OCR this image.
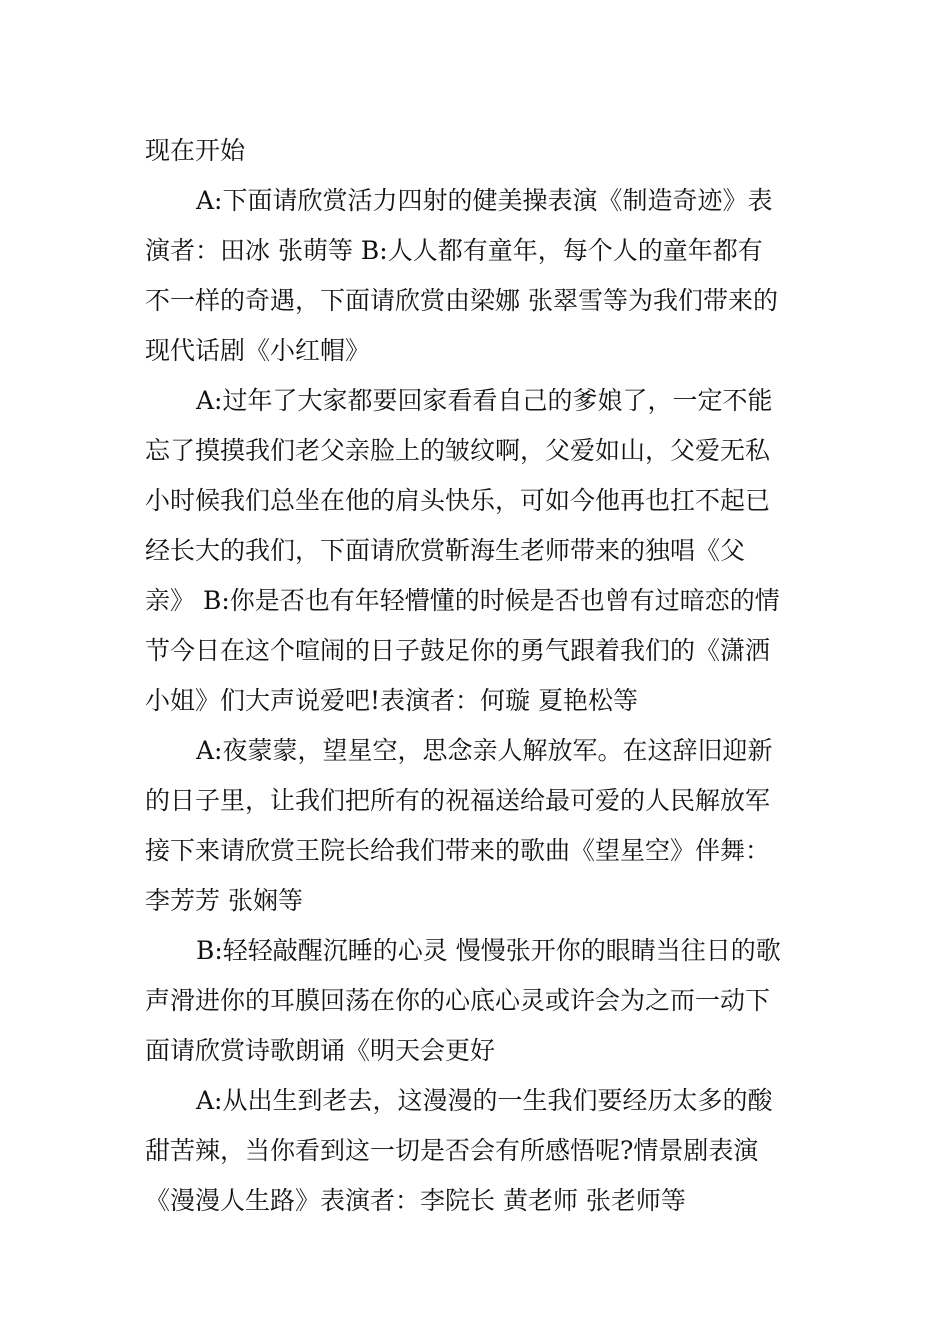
现在开始

A:下面请欣赏活力四射的健美操表演《制造奇迹》表

演者：田冰 张萌等 B:人人都有童年，每个人的童年都有

不一样的奇遇，下面请欣赏由梁娜 张翠雪等为我们带来的

现代话剧《小红帽》

A:过年了大家都要回家看看自己的爹娘了，一定不能

忘了摸摸我们老父亲脸上的皱纹啊，父爱如山，父爱无私

小时候我们总坐在他的肩头快乐，可如今他再也扛不起已

经长大的我们，下面请欣赏靳海生老师带来的独唱《父

亲》 B:你是否也有年轻懵懂的时候是否也曾有过暗恋的情

节今日在这个喧闹的日子鼓足你的勇气跟着我们的《潇洒

小姐》们大声说爱吧!表演者：何璇 夏艳松等

A:夜蒙蒙，望星空，思念亲人解放军。在这辞旧迎新

的日子里，让我们把所有的祝福送给最可爱的人民解放军

接下来请欣赏王院长给我们带来的歌曲《望星空》伴舞：

李芳芳 张娴等

B:轻轻敲醒沉睡的心灵 慢慢张开你的眼睛当往日的歌

声滑进你的耳膜回荡在你的心底心灵或许会为之而一动下

面请欣赏诗歌朗诵《明天会更好

A:从出生到老去，这漫漫的一生我们要经历太多的酸

甜苦辣，当你看到这一切是否会有所感悟呢?情景剧表演

《漫漫人生路》表演者：李院长 黄老师 张老师等
